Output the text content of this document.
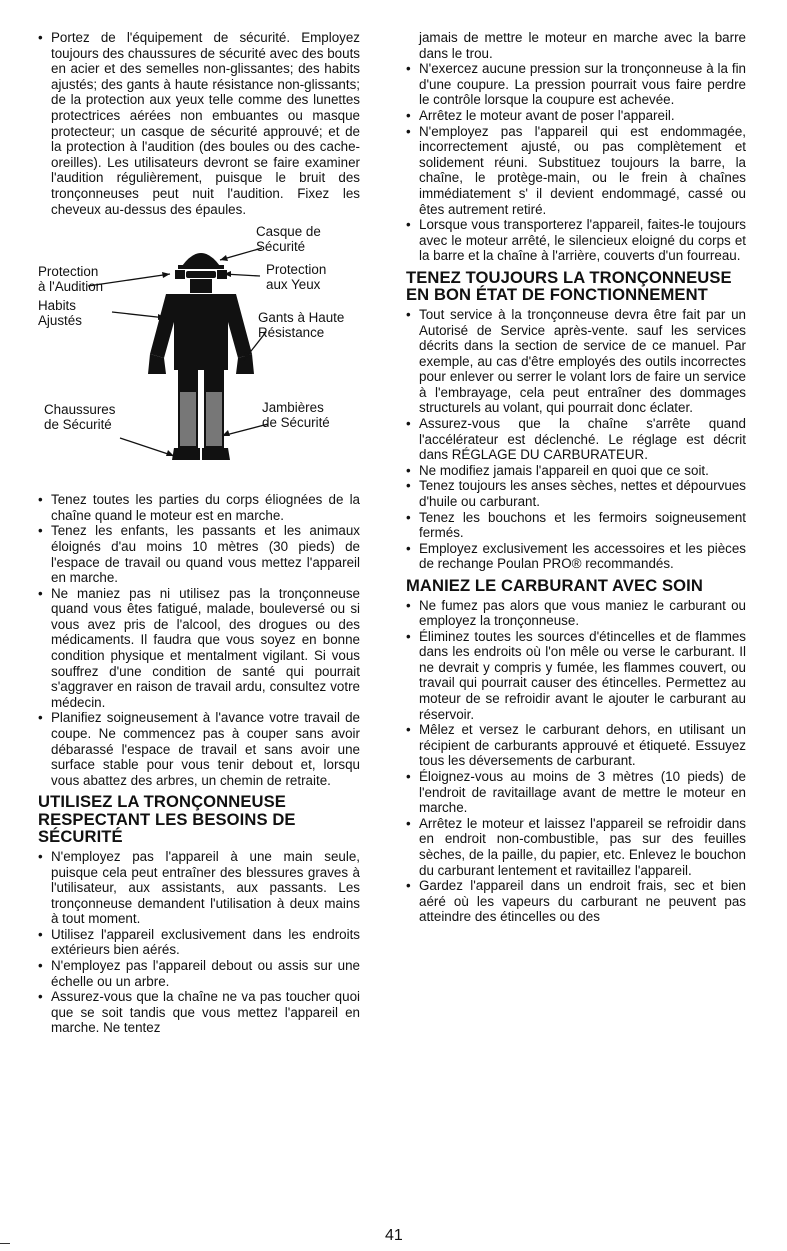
• Portez de l'équipement de sécurité. Employez toujours des chaussures de sécurité avec des bouts en acier et des semelles non-glissantes; des habits ajustés; des gants à haute résistance non-glissants; de la protection aux yeux telle comme des lunettes protectrices aérées non embuantes ou masque protecteur; un casque de sécurité approuvé; et de la protection à l'audition (des boules ou des cache-oreilles). Les utilisateurs devront se faire examiner l'audition régulièrement, puisque le bruit des tronçonneuses peut nuit l'audition. Fixez les cheveux au-dessus des épaules.

Protection
à l'Audition
Casque de
Sécurité
Protection
aux Yeux
Habits
Ajustés	Gants à Haute
Résistance
Chaussures
de Sécurité
Jambières
de Sécurité

• Tenez toutes les parties du corps éliognées de la chaîne quand le moteur est en marche.

• Tenez les enfants, les passants et les animaux éloignés d'au moins 10 mètres (30 pieds) de l'espace de travail ou quand vous mettez l'appareil en marche.

• Ne maniez pas ni utilisez pas la tronçonneuse quand vous êtes fatigué, malade, bouleversé ou si vous avez pris de l'alcool, des drogues ou des médicaments. Il faudra que vous soyez en bonne condition physique et mentalment vigilant. Si vous souffrez d'une condition de santé qui pourrait s'aggraver en raison de travail ardu, consultez votre médecin.

• Planifiez soigneusement à l'avance votre travail de coupe. Ne commencez pas à couper sans avoir débarassé l'espace de travail et sans avoir une surface stable pour vous tenir debout et, lorsqu vous abattez des arbres, un chemin de retraite.

UTILISEZ LA TRONÇONNEUSE RESPECTANT LES BESOINS DE SÉCURITÉ

• N'employez pas l'appareil à une main seule, puisque cela peut entraîner des blessures graves à l'utilisateur, aux assistants, aux passants. Les tronçonneuse demandent l'utilisation à deux mains à tout moment.

• Utilisez l'appareil exclusivement dans les endroits extérieurs bien aérés.

• N'employez pas l'appareil debout ou assis sur une échelle ou un arbre.

• Assurez-vous que la chaîne ne va pas toucher quoi que se soit tandis que vous mettez l'appareil en marche. Ne tentez

jamais de mettre le moteur en marche avec la barre dans le trou.

• N'exercez aucune pression sur la tronçonneuse à la fin d'une coupure. La pression pourrait vous faire perdre le contrôle lorsque la coupure est achevée.

• Arrêtez le moteur avant de poser l'appareil.

• N'employez pas l'appareil qui est endommagée, incorrectement ajusté, ou pas complètement et solidement réuni. Substituez toujours la barre, la chaîne, le protège-main, ou le frein à chaînes immédiatement s' il devient endommagé, cassé ou êtes autrement retiré.

• Lorsque vous transporterez l'appareil, faites-le toujours avec le moteur arrêté, le silencieux eloigné du corps et la barre et la chaîne à l'arrière, couverts d'un fourreau.

TENEZ TOUJOURS LA TRONÇONNEUSE EN BON ÉTAT DE FONCTIONNEMENT

• Tout service à la tronçonneuse devra être fait par un Autorisé de Service après-vente. sauf les services décrits dans la section de service de ce manuel. Par exemple, au cas d'être employés des outils incorrectes pour enlever ou serrer le volant lors de faire un service à l'embrayage, cela peut entraîner des dommages structurels au volant, qui pourrait donc éclater.

• Assurez-vous que la chaîne s'arrête quand l'accélérateur est déclenché. Le réglage est décrit dans RÉGLAGE DU CARBURATEUR.

• Ne modifiez jamais l'appareil en quoi que ce soit.

• Tenez toujours les anses sèches, nettes et dépourvues d'huile ou carburant.

• Tenez les bouchons et les fermoirs soigneusement fermés.

• Employez exclusivement les accessoires et les pièces de rechange Poulan PRO® recommandés.

MANIEZ LE CARBURANT AVEC SOIN

• Ne fumez pas alors que vous maniez le carburant ou employez la tronçonneuse.

• Éliminez toutes les sources d'étincelles et de flammes dans les endroits où l'on mêle ou verse le carburant. Il ne devrait y compris y fumée, les flammes couvert, ou travail qui pourrait causer des étincelles. Permettez au moteur de se refroidir avant le ajouter le carburant au réservoir.

• Mêlez et versez le carburant dehors, en utilisant un récipient de carburants approuvé et étiqueté. Essuyez tous les déversements de carburant.

• Éloignez-vous au moins de 3 mètres (10 pieds) de l'endroit de ravitaillage avant de mettre le moteur en marche.

• Arrêtez le moteur et laissez l'appareil se refroidir dans en endroit non-combustible, pas sur des feuilles sèches, de la paille, du papier, etc. Enlevez le bouchon du carburant lentement et ravitaillez l'appareil.

• Gardez l'appareil dans un endroit frais, sec et bien aéré où les vapeurs du carburant ne peuvent pas atteindre des étincelles ou des

41
